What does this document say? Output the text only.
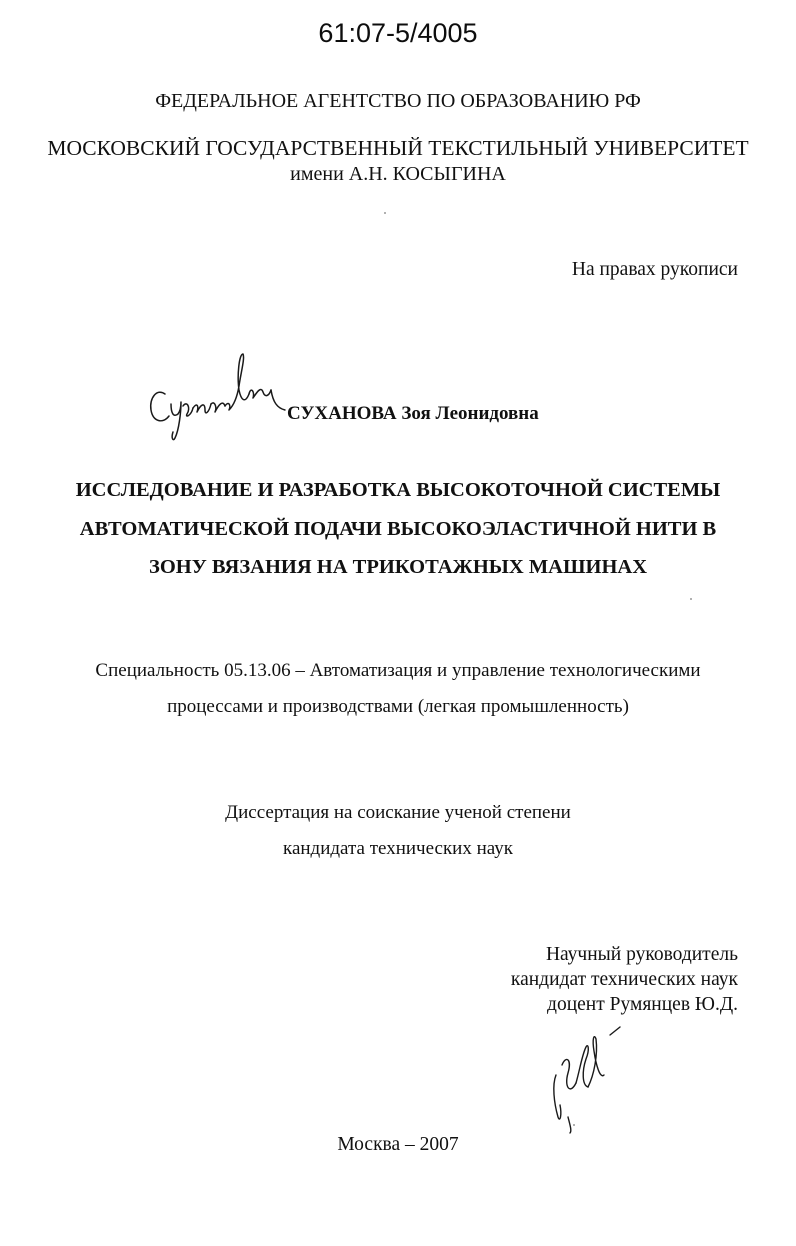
61:07-5/4005
ФЕДЕРАЛЬНОЕ АГЕНТСТВО ПО ОБРАЗОВАНИЮ РФ
МОСКОВСКИЙ ГОСУДАРСТВЕННЫЙ ТЕКСТИЛЬНЫЙ УНИВЕРСИТЕТ
имени А.Н. КОСЫГИНА
На правах рукописи
СУХАНОВА Зоя Леонидовна
ИССЛЕДОВАНИЕ И РАЗРАБОТКА ВЫСОКОТОЧНОЙ СИСТЕМЫ
АВТОМАТИЧЕСКОЙ ПОДАЧИ ВЫСОКОЭЛАСТИЧНОЙ НИТИ В
ЗОНУ ВЯЗАНИЯ НА ТРИКОТАЖНЫХ МАШИНАХ
Специальность 05.13.06 – Автоматизация и управление технологическими
процессами и производствами (легкая промышленность)
Диссертация на соискание ученой степени
кандидата технических наук
Научный руководитель
кандидат технических наук
доцент Румянцев Ю.Д.
Москва – 2007
